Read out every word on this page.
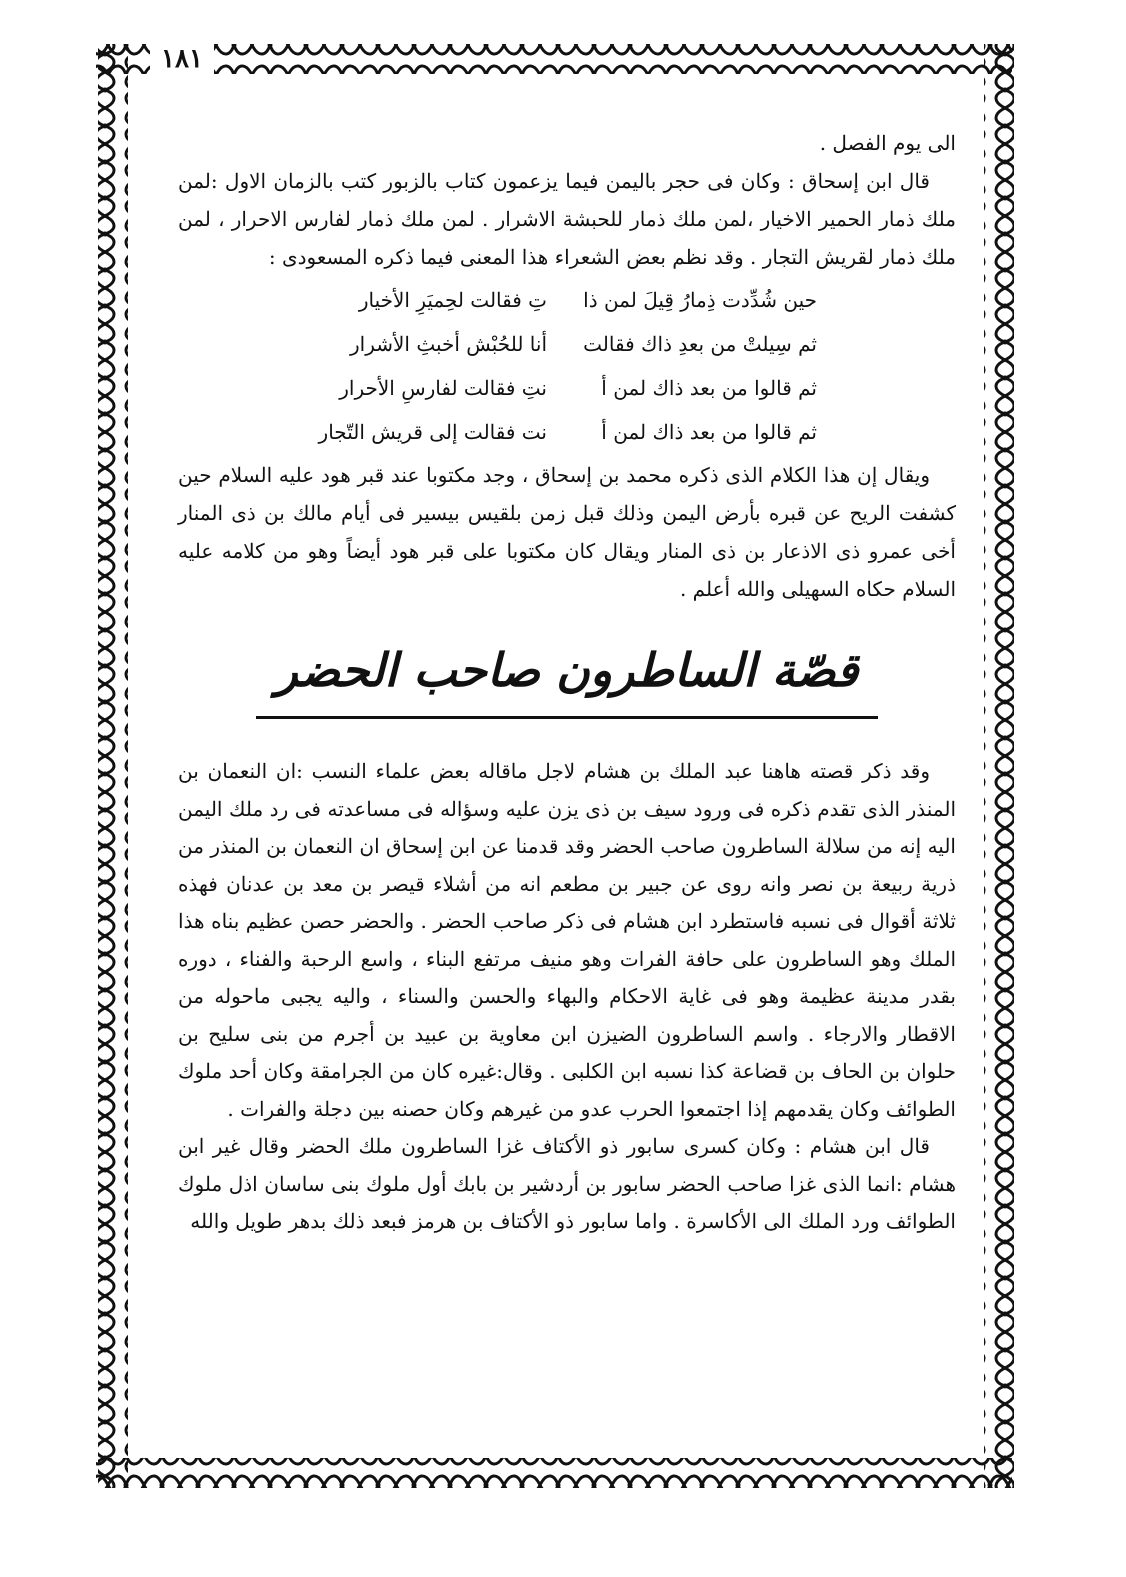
١٨١

الى يوم الفصل .

قال ابن إسحاق : وكان فى حجر باليمن فيما يزعمون كتاب بالزبور كتب بالزمان الاول :لمن ملك ذمار الحمير الاخيار ،لمن ملك ذمار للحبشة الاشرار . لمن ملك ذمار لفارس الاحرار ، لمن ملك ذمار لقريش التجار . وقد نظم بعض الشعراء هذا المعنى فيما ذكره المسعودى :

حين شُدِّدت ذِمارُ قِيلَ لمن ذا
تِ فقالت لحِميَرِ الأخيار
ثم سِيلتْ من بعدِ ذاك فقالت
أنا للحُبْش أخبثِ الأشرار
ثم قالوا من بعد ذاك لمن أ
نتِ فقالت لفارسِ الأحرار
ثم قالوا من بعد ذاك لمن أ
نت فقالت إلى قريش التّجار

ويقال إن هذا الكلام الذى ذكره محمد بن إسحاق ، وجد مكتوبا عند قبر هود عليه السلام حين كشفت الريح عن قبره بأرض اليمن وذلك قبل زمن بلقيس بيسير فى أيام مالك بن ذى المنار أخى عمرو ذى الاذعار بن ذى المنار ويقال كان مكتوبا على قبر هود أيضاً وهو من كلامه عليه السلام حكاه السهيلى والله أعلم .

قصّة الساطرون صاحب الحضر

وقد ذكر قصته هاهنا عبد الملك بن هشام لاجل ماقاله بعض علماء النسب :ان النعمان بن المنذر الذى تقدم ذكره فى ورود سيف بن ذى يزن عليه وسؤاله فى مساعدته فى رد ملك اليمن اليه إنه من سلالة الساطرون صاحب الحضر وقد قدمنا عن ابن إسحاق ان النعمان بن المنذر من ذرية ربيعة بن نصر وانه روى عن جبير بن مطعم انه من أشلاء قيصر بن معد بن عدنان فهذه ثلاثة أقوال فى نسبه فاستطرد ابن هشام فى ذكر صاحب الحضر . والحضر حصن عظيم بناه هذا الملك وهو الساطرون على حافة الفرات وهو منيف مرتفع البناء ، واسع الرحبة والفناء ، دوره بقدر مدينة عظيمة وهو فى غاية الاحكام والبهاء والحسن والسناء ، واليه يجبى ماحوله من الاقطار والارجاء . واسم الساطرون الضيزن ابن معاوية بن عبيد بن أجرم من بنى سليح بن حلوان بن الحاف بن قضاعة كذا نسبه ابن الكلبى . وقال:غيره كان من الجرامقة وكان أحد ملوك الطوائف وكان يقدمهم إذا اجتمعوا الحرب عدو من غيرهم وكان حصنه بين دجلة والفرات .

قال ابن هشام : وكان كسرى سابور ذو الأكتاف غزا الساطرون ملك الحضر وقال غير ابن هشام :انما الذى غزا صاحب الحضر سابور بن أردشير بن بابك أول ملوك بنى ساسان اذل ملوك الطوائف ورد الملك الى الأكاسرة . واما سابور ذو الأكتاف بن هرمز فبعد ذلك بدهر طويل والله
